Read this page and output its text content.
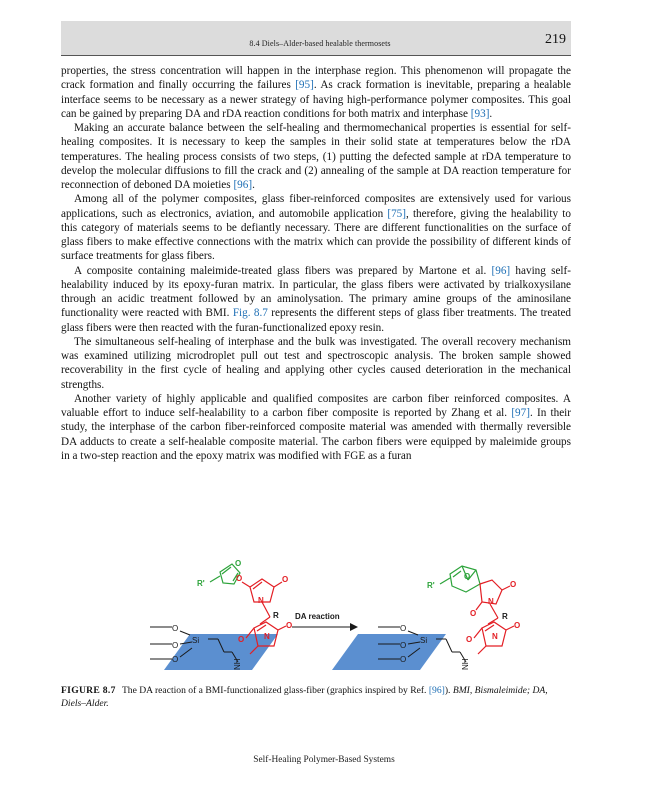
8.4 Diels–Alder-based healable thermosets	219

properties, the stress concentration will happen in the interphase region. This phenomenon will propagate the crack formation and finally occurring the failures [95]. As crack formation is inevitable, preparing a healable interface seems to be necessary as a newer strategy of having high-performance polymer composites. This goal can be gained by preparing DA and rDA reaction conditions for both matrix and interphase [93].

Making an accurate balance between the self-healing and thermomechanical properties is essential for self-healing composites. It is necessary to keep the samples in their solid state at temperatures below the rDA temperatures. The healing process consists of two steps, (1) putting the defected sample at rDA temperature to develop the molecular diffusions to fill the crack and (2) annealing of the sample at DA reaction temperature for reconnection of deboned DA moieties [96].

Among all of the polymer composites, glass fiber-reinforced composites are extensively used for various applications, such as electronics, aviation, and automobile application [75], therefore, giving the healability to this category of materials seems to be defiantly necessary. There are different functionalities on the surface of glass fibers to make effective connections with the matrix which can provide the possibility of different kinds of surface treatments for glass fibers.

A composite containing maleimide-treated glass fibers was prepared by Martone et al. [96] having self-healability induced by its epoxy-furan matrix. In particular, the glass fibers were activated by trialkoxysilane through an acidic treatment followed by an aminolysation. The primary amine groups of the aminosilane functionality were reacted with BMI. Fig. 8.7 represents the different steps of glass fiber treatments. The treated glass fibers were then reacted with the furan-functionalized epoxy resin.

The simultaneous self-healing of interphase and the bulk was investigated. The overall recovery mechanism was examined utilizing microdroplet pull out test and spectroscopic analysis. The broken sample showed recoverability in the first cycle of healing and applying other cycles caused deterioration in the mechanical strengths.

Another variety of highly applicable and qualified composites are carbon fiber reinforced composites. A valuable effort to induce self-healability to a carbon fiber composite is reported by Zhang et al. [97]. In their study, the interphase of the carbon fiber-reinforced composite material was amended with thermally reversible DA adducts to create a self-healable composite material. The carbon fibers were equipped by maleimide groups in a two-step reaction and the epoxy matrix was modified with FGE as a furan

O
O
O
Si
NH
R'
O
O
O
N
R
N
O
O
DA reaction
O
O
O
Si
NH
R'
O
O
O
N
R
N
O
O
FIGURE 8.7 The DA reaction of a BMI-functionalized glass-fiber (graphics inspired by Ref. [96]). BMI, Bismaleimide; DA, Diels–Alder.
Self-Healing Polymer-Based Systems
